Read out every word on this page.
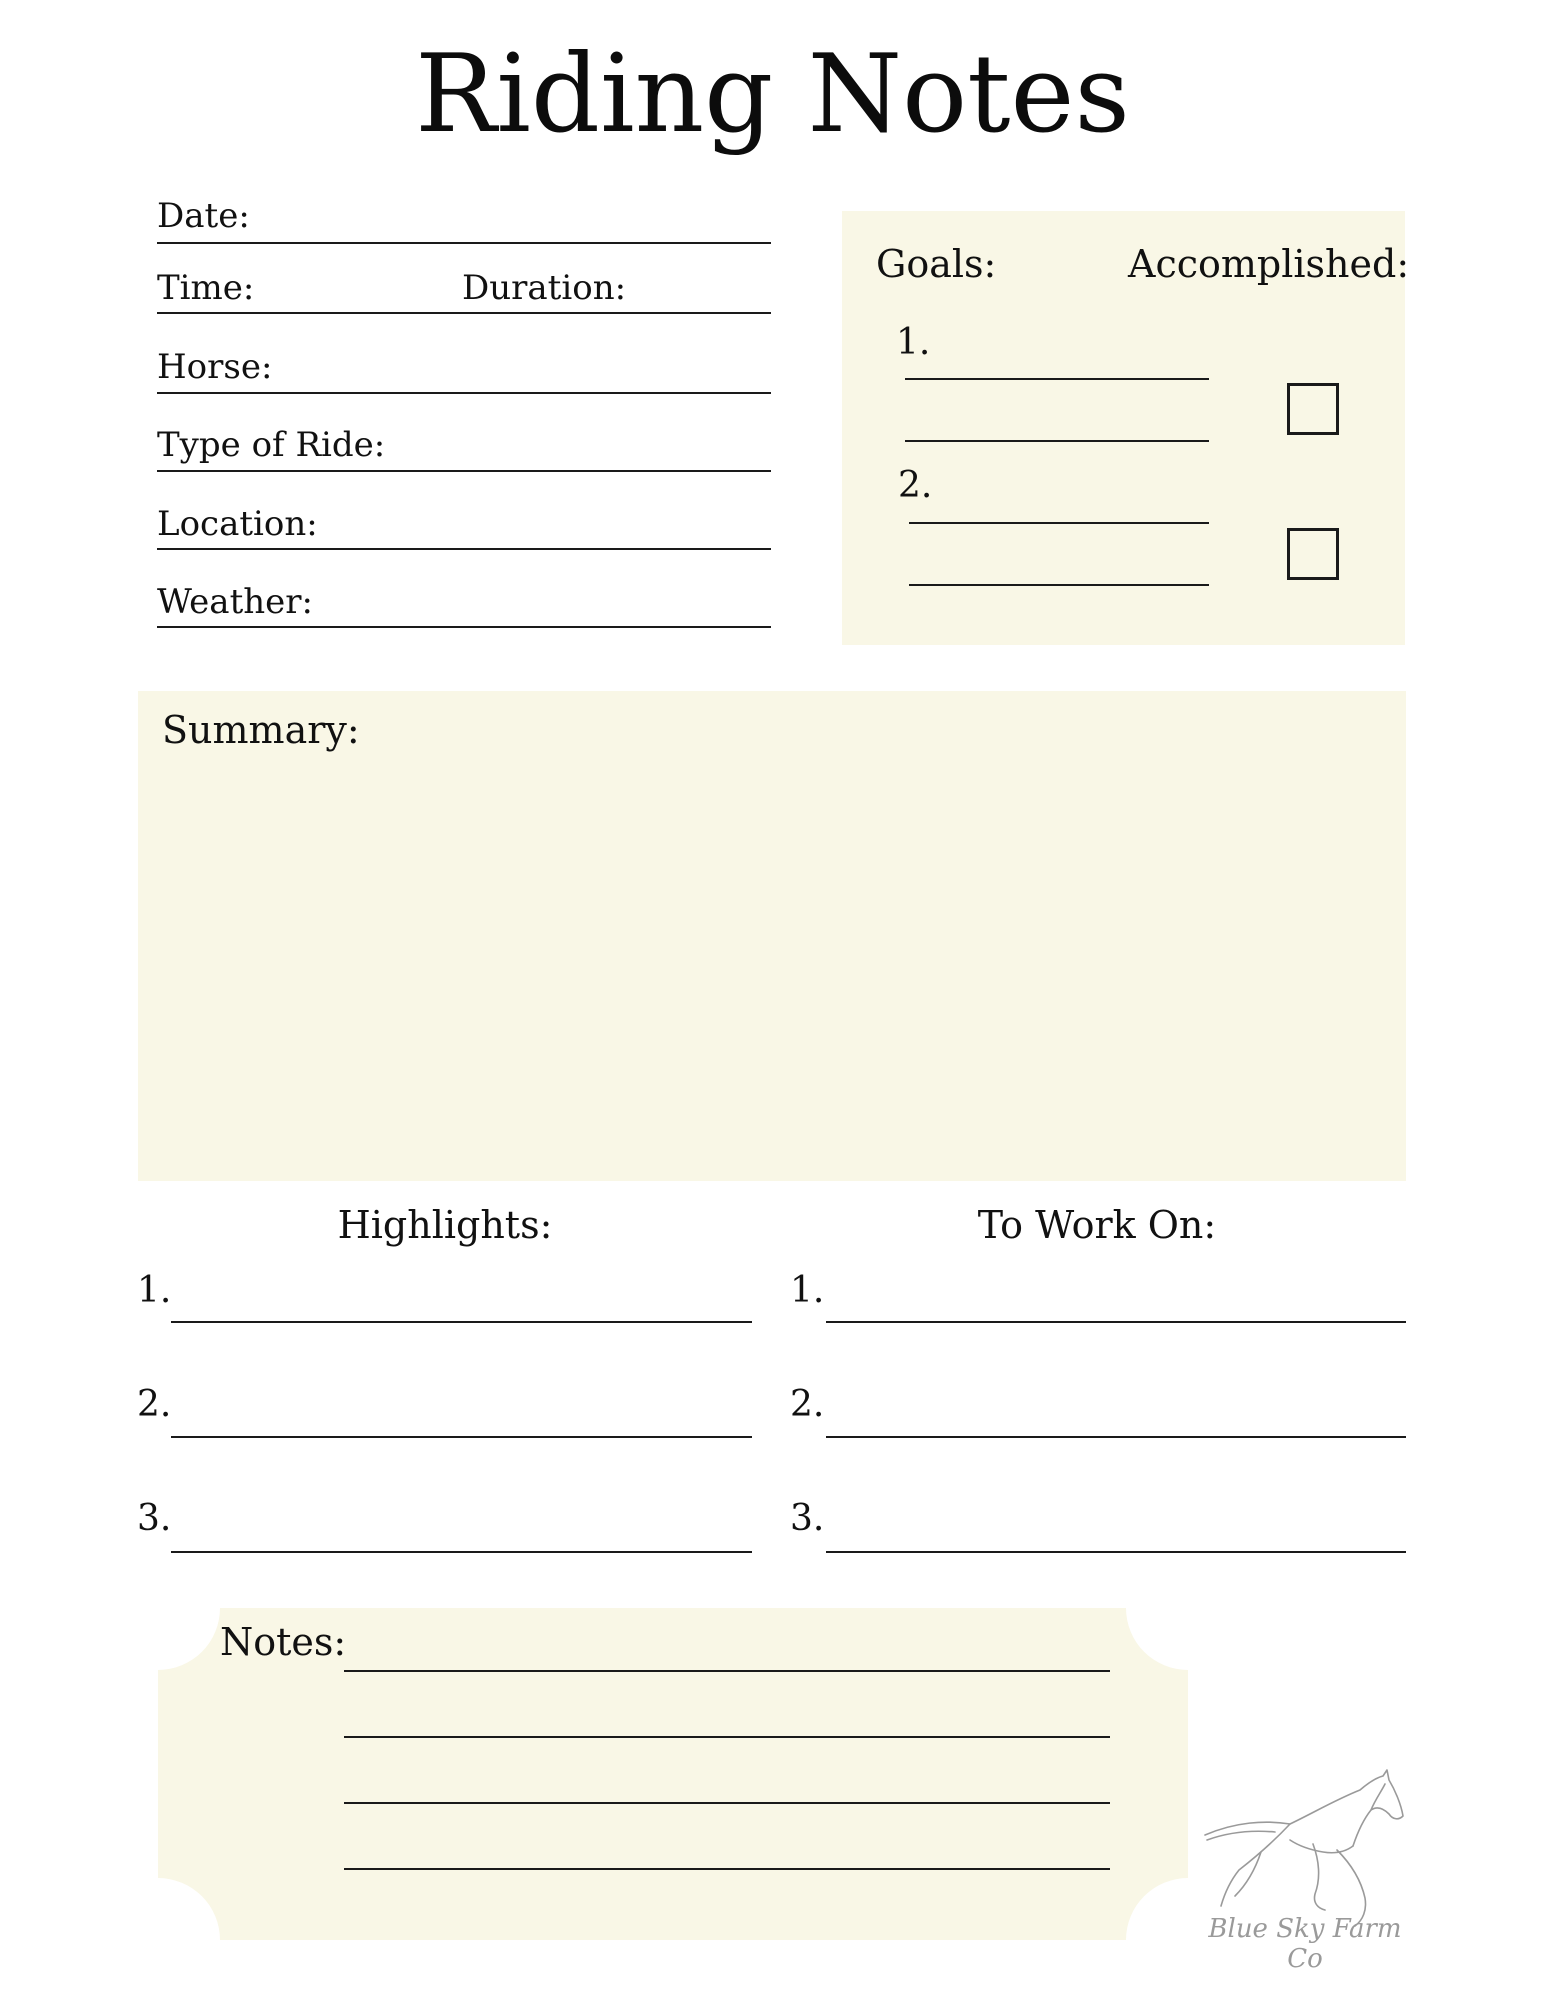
Riding Notes
Date:
Time:	Duration:
Horse:
Type of Ride:
Location:
Weather:
Goals:	Accomplished:
1.
2.
Summary:
Highlights:
1.
2.
3.
To Work On:
1.
2.
3.
Notes:
Blue Sky Farm Co
